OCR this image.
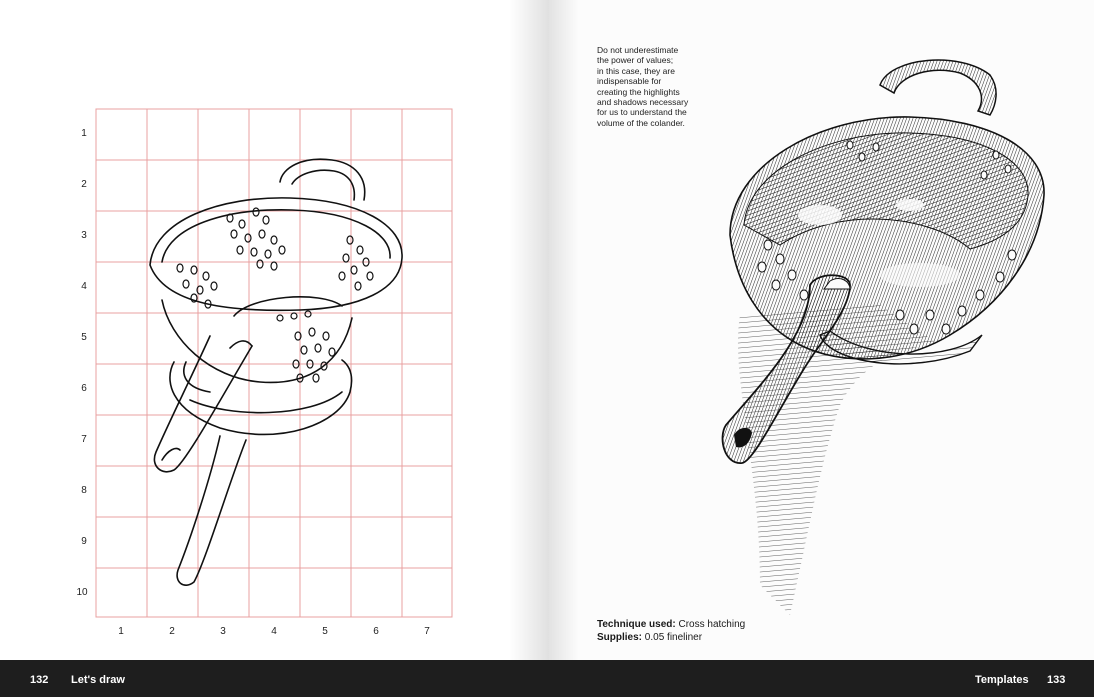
1
2
3
4
5
6
7
8
9
10
1	2	3	4	5	6	7
Do not underestimate
the power of values;
in this case, they are
indispensable for
creating the highlights
and shadows necessary
for us to understand the
volume of the colander.
Technique used: Cross hatching
Supplies: 0.05 fineliner
132 Let's draw	Templates 133
